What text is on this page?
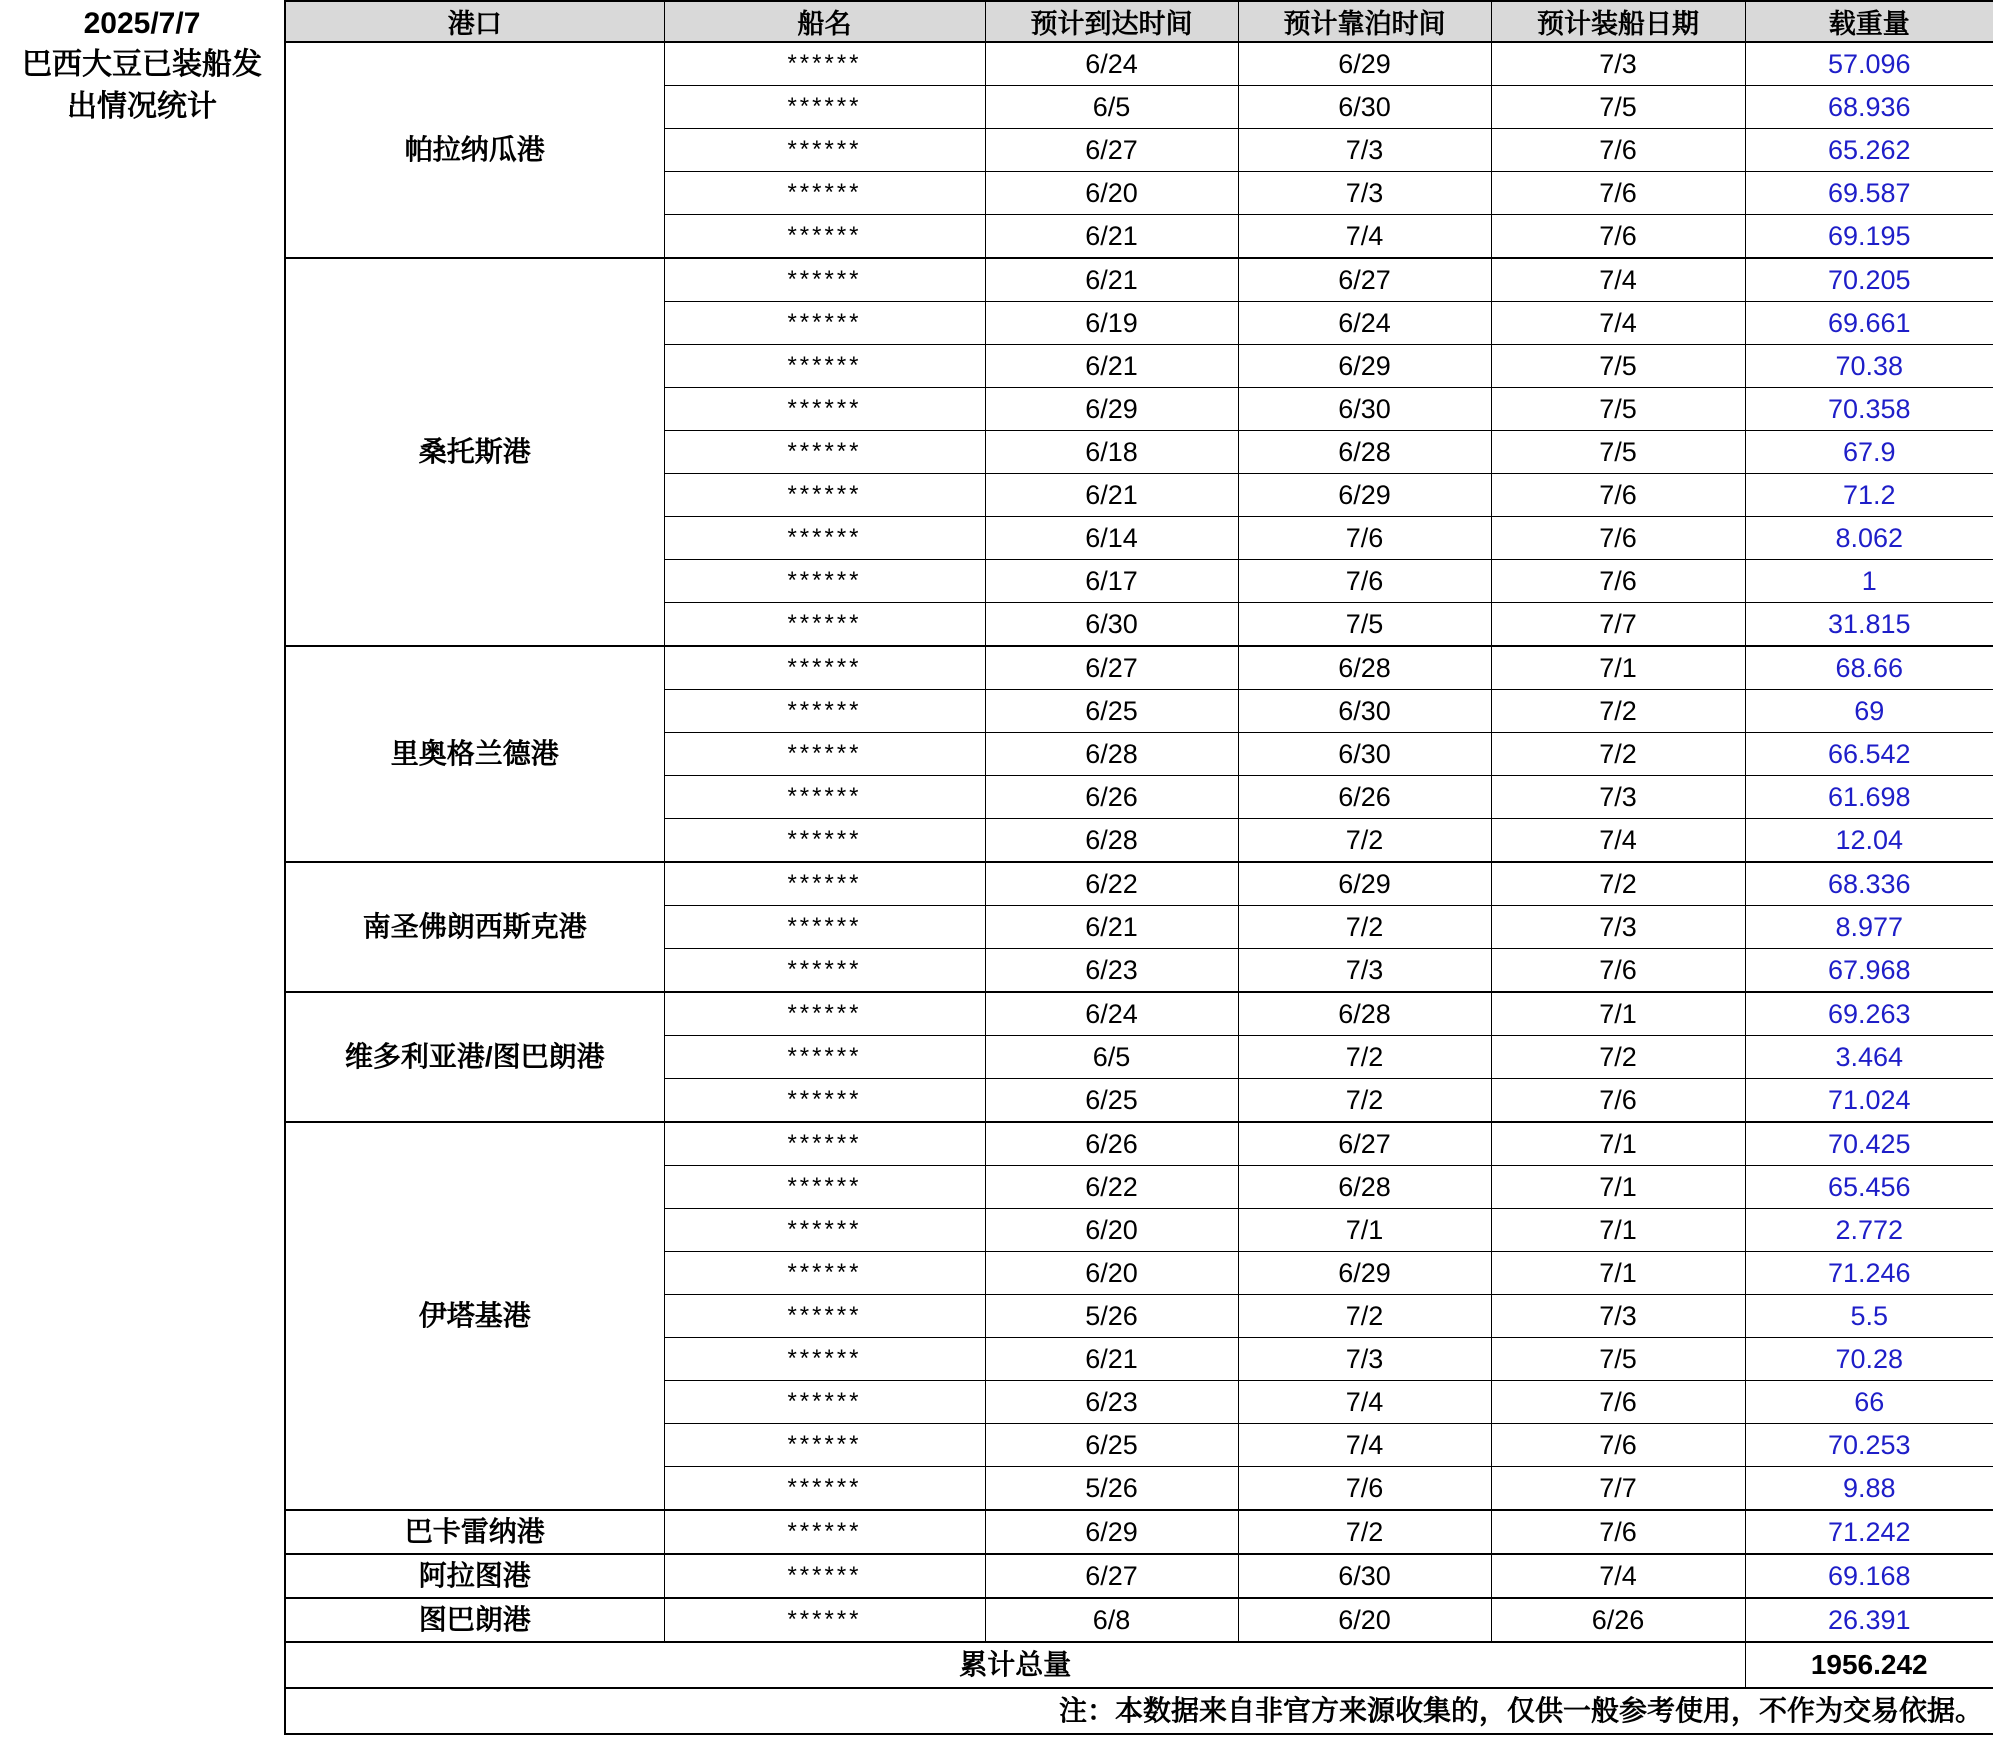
2025/7/7
巴西大豆已装船发出情况统计
港口	船名	预计到达时间	预计靠泊时间	预计装船日期	载重量
帕拉纳瓜港	******	6/24	6/29	7/3	57.096
	******	6/5	6/30	7/5	68.936
	******	6/27	7/3	7/6	65.262
	******	6/20	7/3	7/6	69.587
	******	6/21	7/4	7/6	69.195
桑托斯港	******	6/21	6/27	7/4	70.205
	******	6/19	6/24	7/4	69.661
	******	6/21	6/29	7/5	70.38
	******	6/29	6/30	7/5	70.358
	******	6/18	6/28	7/5	67.9
	******	6/21	6/29	7/6	71.2
	******	6/14	7/6	7/6	8.062
	******	6/17	7/6	7/6	1
	******	6/30	7/5	7/7	31.815
里奥格兰德港	******	6/27	6/28	7/1	68.66
	******	6/25	6/30	7/2	69
	******	6/28	6/30	7/2	66.542
	******	6/26	6/26	7/3	61.698
	******	6/28	7/2	7/4	12.04
南圣佛朗西斯克港	******	6/22	6/29	7/2	68.336
	******	6/21	7/2	7/3	8.977
	******	6/23	7/3	7/6	67.968
维多利亚港/图巴朗港	******	6/24	6/28	7/1	69.263
	******	6/5	7/2	7/2	3.464
	******	6/25	7/2	7/6	71.024
伊塔基港	******	6/26	6/27	7/1	70.425
	******	6/22	6/28	7/1	65.456
	******	6/20	7/1	7/1	2.772
	******	6/20	6/29	7/1	71.246
	******	5/26	7/2	7/3	5.5
	******	6/21	7/3	7/5	70.28
	******	6/23	7/4	7/6	66
	******	6/25	7/4	7/6	70.253
	******	5/26	7/6	7/7	9.88
巴卡雷纳港	******	6/29	7/2	7/6	71.242
阿拉图港	******	6/27	6/30	7/4	69.168
图巴朗港	******	6/8	6/20	6/26	26.391
累计总量					1956.242
注：本数据来自非官方来源收集的，仅供一般参考使用，不作为交易依据。					
